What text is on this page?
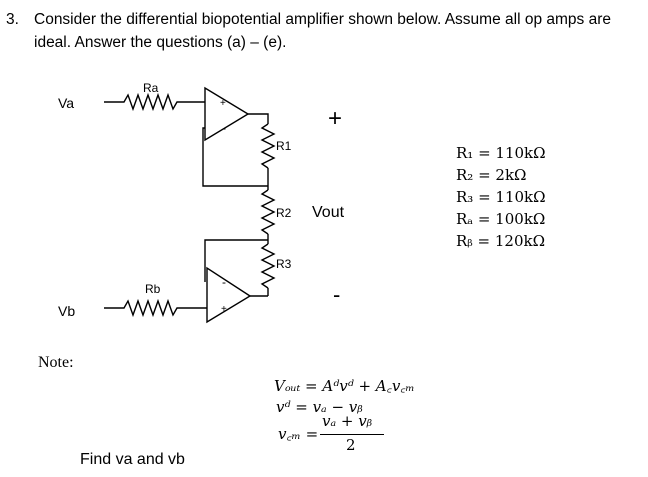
3. Consider the differential biopotential amplifier shown below. Assume all op amps are ideal. Answer the questions (a) – (e).
Va
Ra
Vb
Rb
R1
R2
R3
Vout
+
-
+
-
-
+
R₁ = 110kΩ
R₂ = 2kΩ
R₃ = 110kΩ
Rₐ = 100kΩ
Rᵦ = 120kΩ
Note:
Vₒᵤₜ = Aᵈvᵈ + A꜀v꜀ₘ
vᵈ = vₐ − vᵦ
v꜀ₘ =
vₐ + vᵦ
2
Find va and vb
